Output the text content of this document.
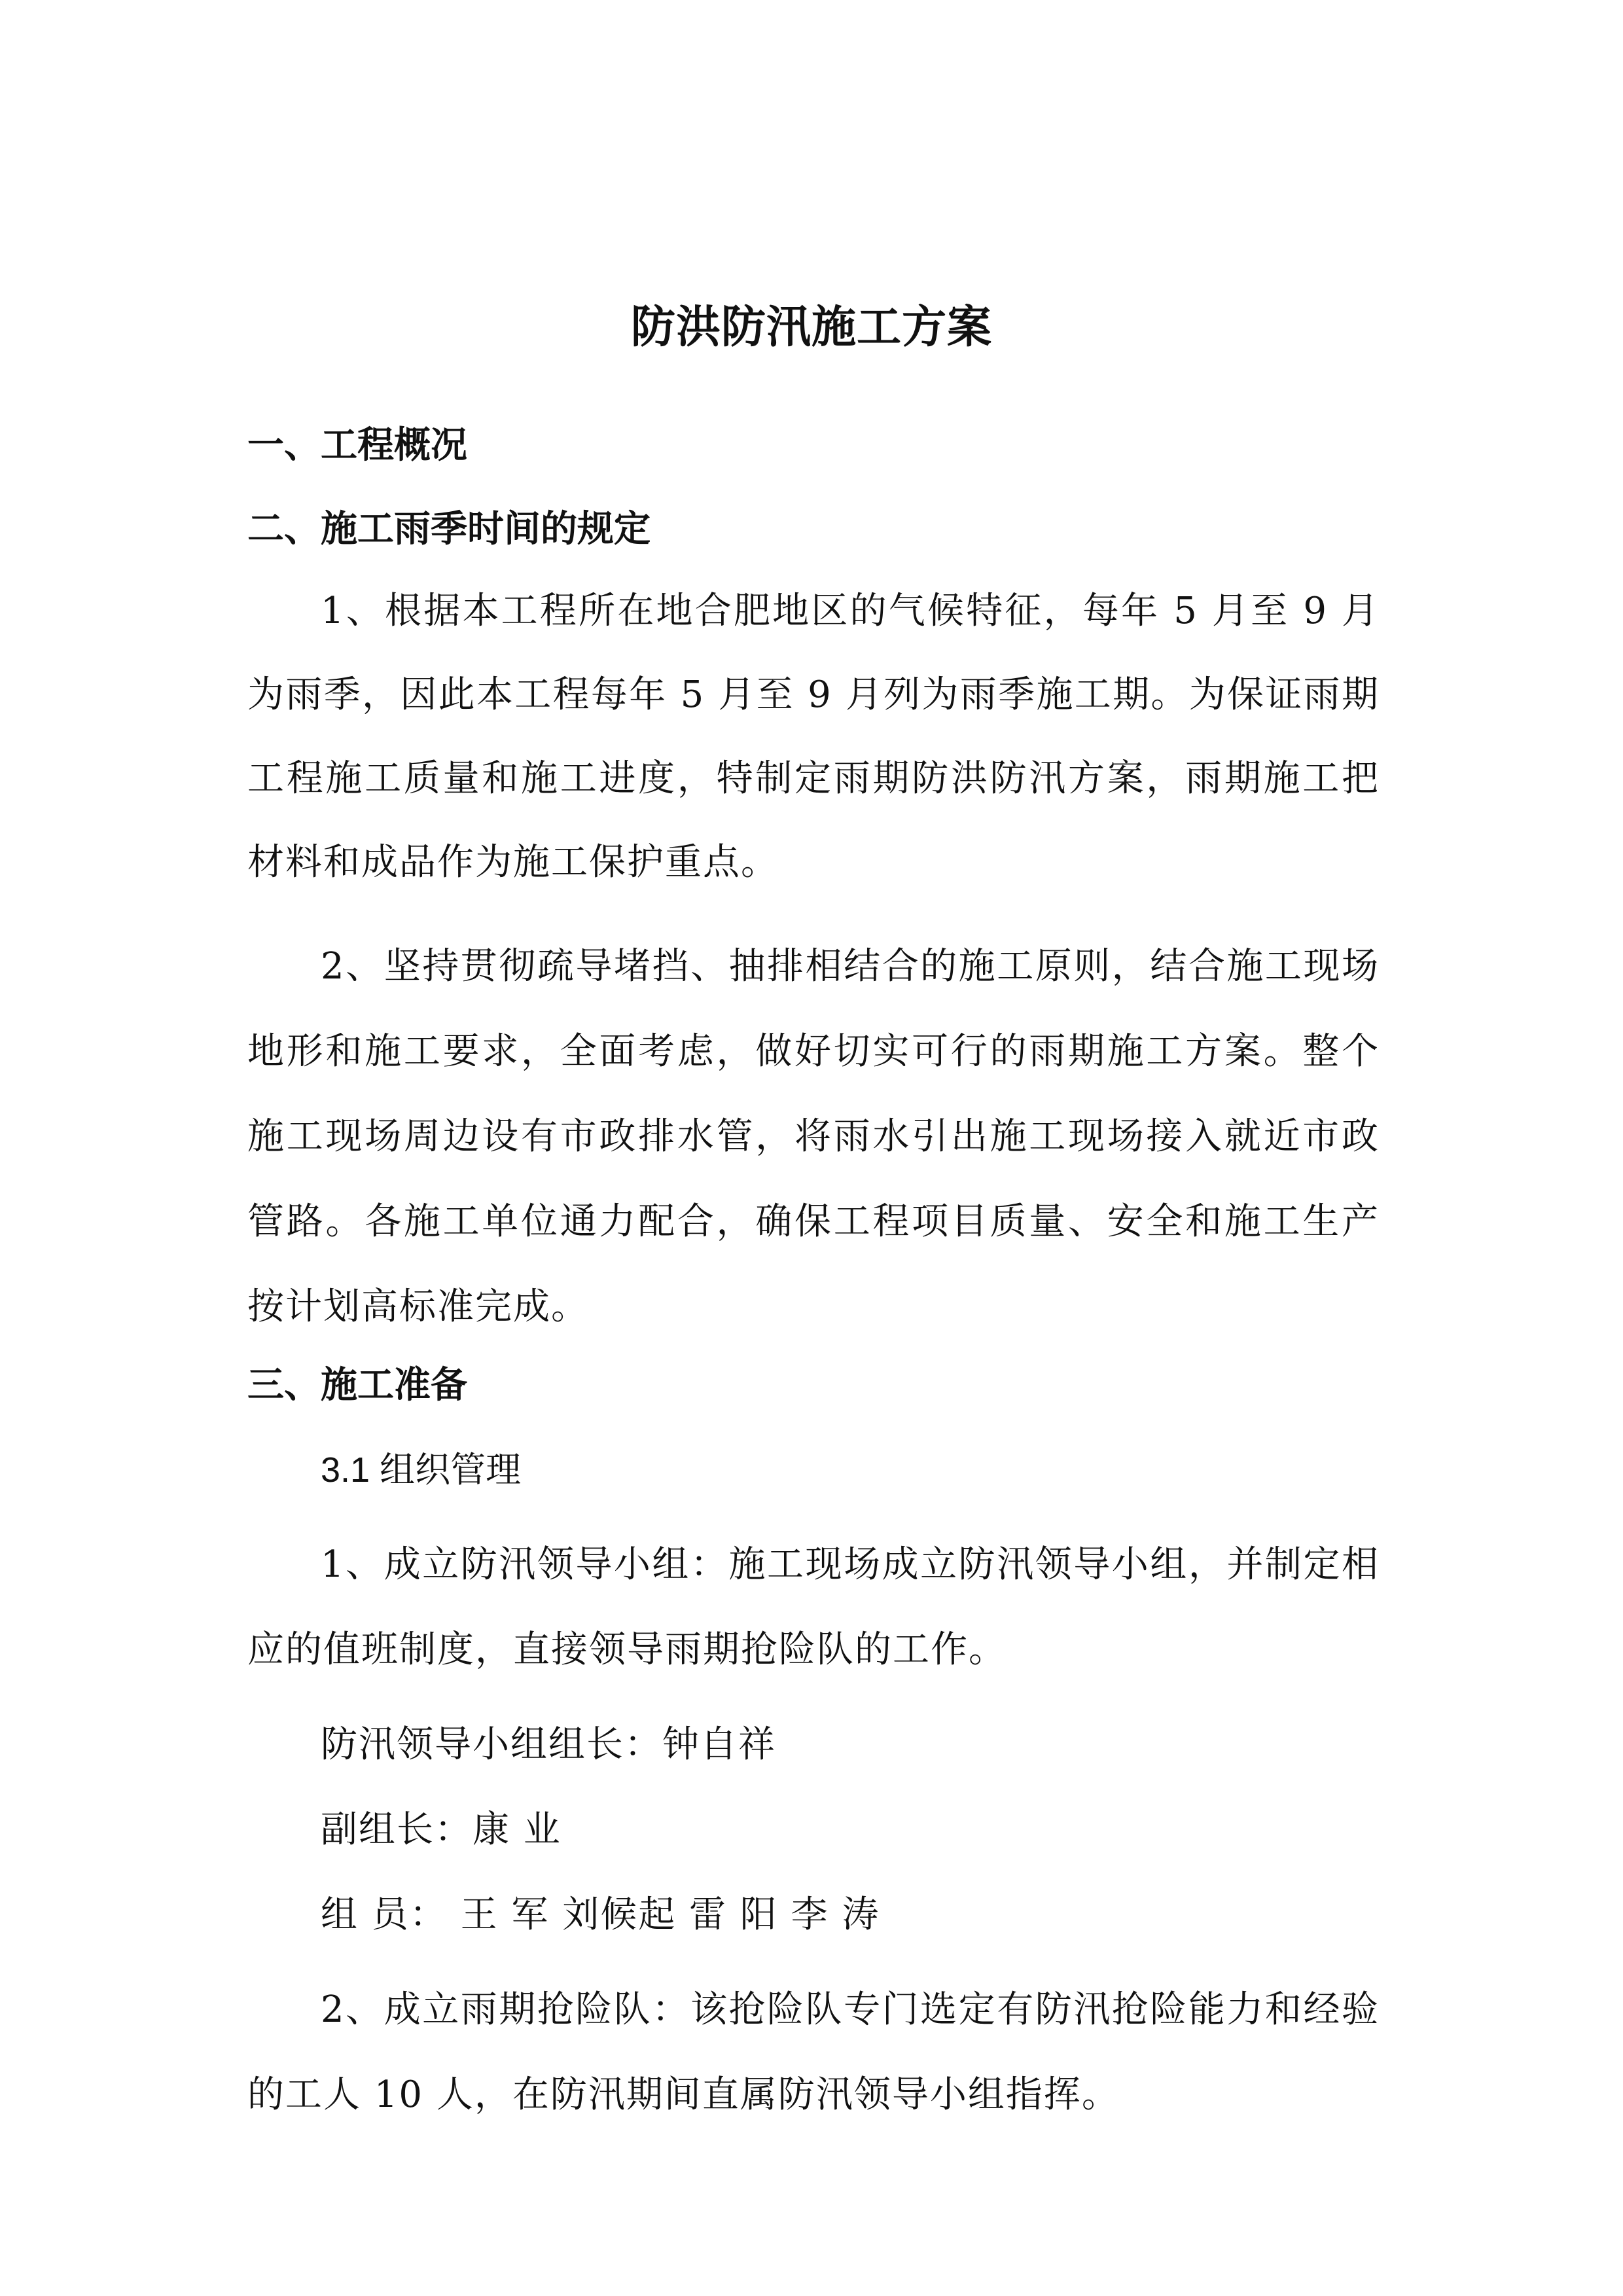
防洪防汛施工方案

一、工程概况

二、施工雨季时间的规定

1、根据本工程所在地合肥地区的气候特征，每年 5 月至 9 月为雨季，因此本工程每年 5 月至 9 月列为雨季施工期。为保证雨期工程施工质量和施工进度，特制定雨期防洪防汛方案，雨期施工把材料和成品作为施工保护重点。

2、坚持贯彻疏导堵挡、抽排相结合的施工原则，结合施工现场地形和施工要求，全面考虑，做好切实可行的雨期施工方案。整个施工现场周边设有市政排水管，将雨水引出施工现场接入就近市政管路。各施工单位通力配合，确保工程项目质量、安全和施工生产按计划高标准完成。

三、施工准备

3.1 组织管理

1、成立防汛领导小组：施工现场成立防汛领导小组，并制定相应的值班制度，直接领导雨期抢险队的工作。

防汛领导小组组长：钟自祥

副组长：康 业

组 员： 王 军 刘候起 雷 阳 李 涛

2、成立雨期抢险队：该抢险队专门选定有防汛抢险能力和经验的工人 10 人，在防汛期间直属防汛领导小组指挥。
